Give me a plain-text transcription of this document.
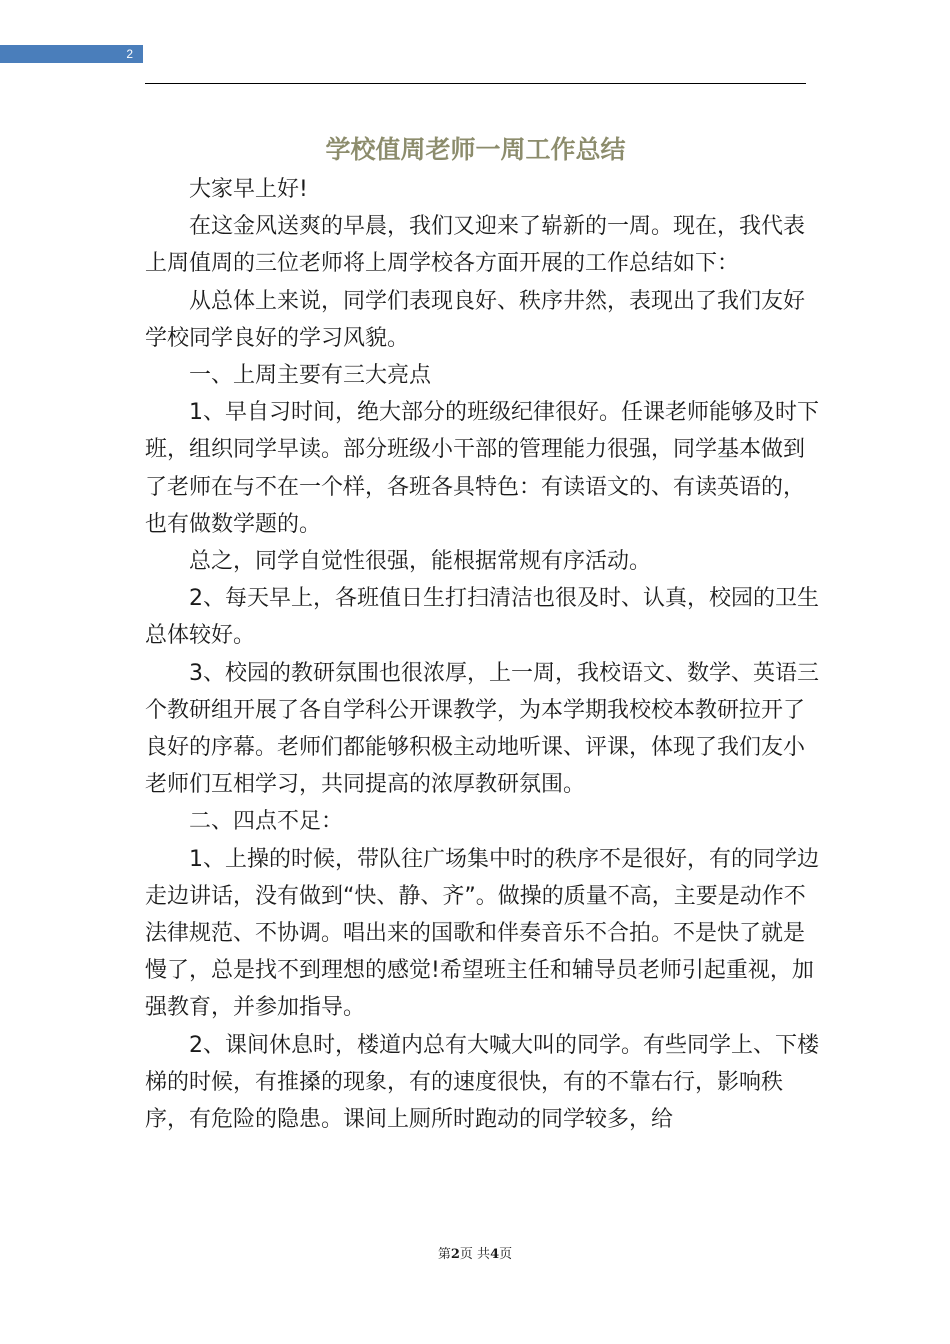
2
学校值周老师一周工作总结

大家早上好!

在这金风送爽的早晨，我们又迎来了崭新的一周。现在，我代表上周值周的三位老师将上周学校各方面开展的工作总结如下：

从总体上来说，同学们表现良好、秩序井然，表现出了我们友好学校同学良好的学习风貌。

一、上周主要有三大亮点

1、早自习时间，绝大部分的班级纪律很好。任课老师能够及时下班，组织同学早读。部分班级小干部的管理能力很强，同学基本做到了老师在与不在一个样，各班各具特色：有读语文的、有读英语的，也有做数学题的。

总之，同学自觉性很强，能根据常规有序活动。

2、每天早上，各班值日生打扫清洁也很及时、认真，校园的卫生总体较好。

3、校园的教研氛围也很浓厚，上一周，我校语文、数学、英语三个教研组开展了各自学科公开课教学，为本学期我校校本教研拉开了良好的序幕。老师们都能够积极主动地听课、评课，体现了我们友小老师们互相学习，共同提高的浓厚教研氛围。

二、四点不足：

1、上操的时候，带队往广场集中时的秩序不是很好，有的同学边走边讲话，没有做到“快、静、齐”。做操的质量不高，主要是动作不法律规范、不协调。唱出来的国歌和伴奏音乐不合拍。不是快了就是慢了，总是找不到理想的感觉!希望班主任和辅导员老师引起重视，加强教育，并参加指导。

2、课间休息时，楼道内总有大喊大叫的同学。有些同学上、下楼梯的时候，有推搡的现象，有的速度很快，有的不靠右行，影响秩序，有危险的隐患。课间上厕所时跑动的同学较多，给

第2页 共4页
